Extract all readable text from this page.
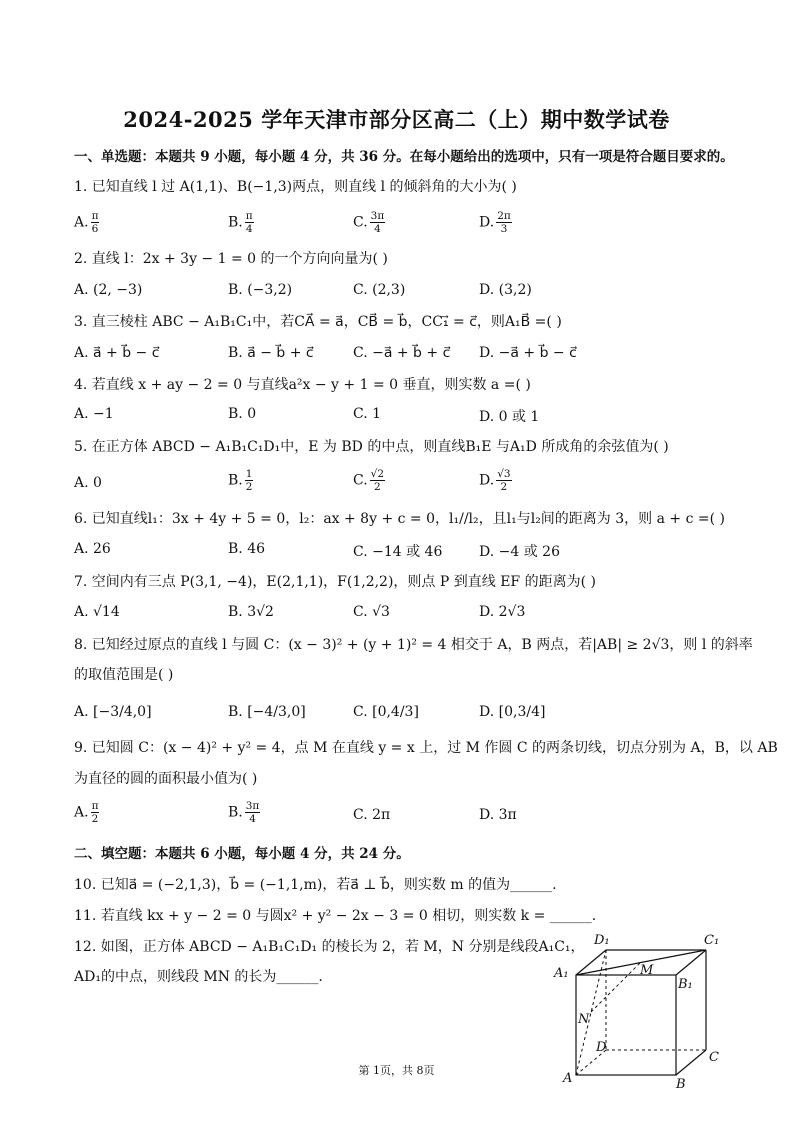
2024-2025 学年天津市部分区高二（上）期中数学试卷
一、单选题：本题共 9 小题，每小题 4 分，共 36 分。在每小题给出的选项中，只有一项是符合题目要求的。
1. 已知直线 l 过 A(1,1)、B(−1,3)两点，则直线 l 的倾斜角的大小为( )
A. $\frac{\pi}{6}$	B. $\frac{\pi}{4}$	C. $\frac{3\pi}{4}$	D. $\frac{2\pi}{3}$
2. 直线 l：2x + 3y − 1 = 0 的一个方向向量为( )
A. (2, −3)	B. (−3,2)	C. (2,3)	D. (3,2)
3. 直三棱柱 ABC − A₁B₁C₁中，若CA⃗ = a⃗，CB⃗ = b⃗，CC₁⃗ = c⃗，则A₁B⃗ =( )
A. a⃗ + b⃗ − c⃗	B. a⃗ − b⃗ + c⃗	C. −a⃗ + b⃗ + c⃗ D. −a⃗ + b⃗ − c⃗
4. 若直线 x + ay − 2 = 0 与直线a²x − y + 1 = 0 垂直，则实数 a =( )
A. −1	B. 0	C. 1	D. 0 或 1
5. 在正方体 ABCD − A₁B₁C₁D₁中，E 为 BD 的中点，则直线B₁E 与A₁D 所成角的余弦值为( )
A. 0	B. $\frac{1}{2}$	C. $\frac{√2}{2}$	D. $\frac{√3}{2}$
6. 已知直线l₁：3x + 4y + 5 = 0，l₂：ax + 8y + c = 0，l₁//l₂，且l₁与l₂间的距离为 3，则 a + c =( )
A. 26	B. 46	C. −14 或 46	D. −4 或 26
7. 空间内有三点 P(3,1, −4)，E(2,1,1)，F(1,2,2)，则点 P 到直线 EF 的距离为( )
A. √14	B. 3√2	C. √3	D. 2√3
8. 已知经过原点的直线 l 与圆 C：(x − 3)² + (y + 1)² = 4 相交于 A，B 两点，若|AB| ≥ 2√3，则 l 的斜率
的取值范围是( )
A. [−3/4,0]	B. [−4/3,0]	C. [0,4/3]	D. [0,3/4]
9. 已知圆 C：(x − 4)² + y² = 4，点 M 在直线 y = x 上，过 M 作圆 C 的两条切线，切点分别为 A，B，以 AB
为直径的圆的面积最小值为( )
A. $\frac{\pi}{2}$	B. $\frac{3\pi}{4}$	C. 2π	D. 3π
二、填空题：本题共 6 小题，每小题 4 分，共 24 分。
10. 已知a⃗ = (−2,1,3)，b⃗ = (−1,1,m)，若a⃗ ⊥ b⃗，则实数 m 的值为______.
11. 若直线 kx + y − 2 = 0 与圆x² + y² − 2x − 3 = 0 相切，则实数 k = ______.
12. 如图，正方体 ABCD − A₁B₁C₁D₁ 的棱长为 2，若 M，N 分别是线段A₁C₁，
AD₁的中点，则线段 MN 的长为______.
D₁	C₁
A₁
B₁
M
N
D
C
A	B
第 1页，共 8页
